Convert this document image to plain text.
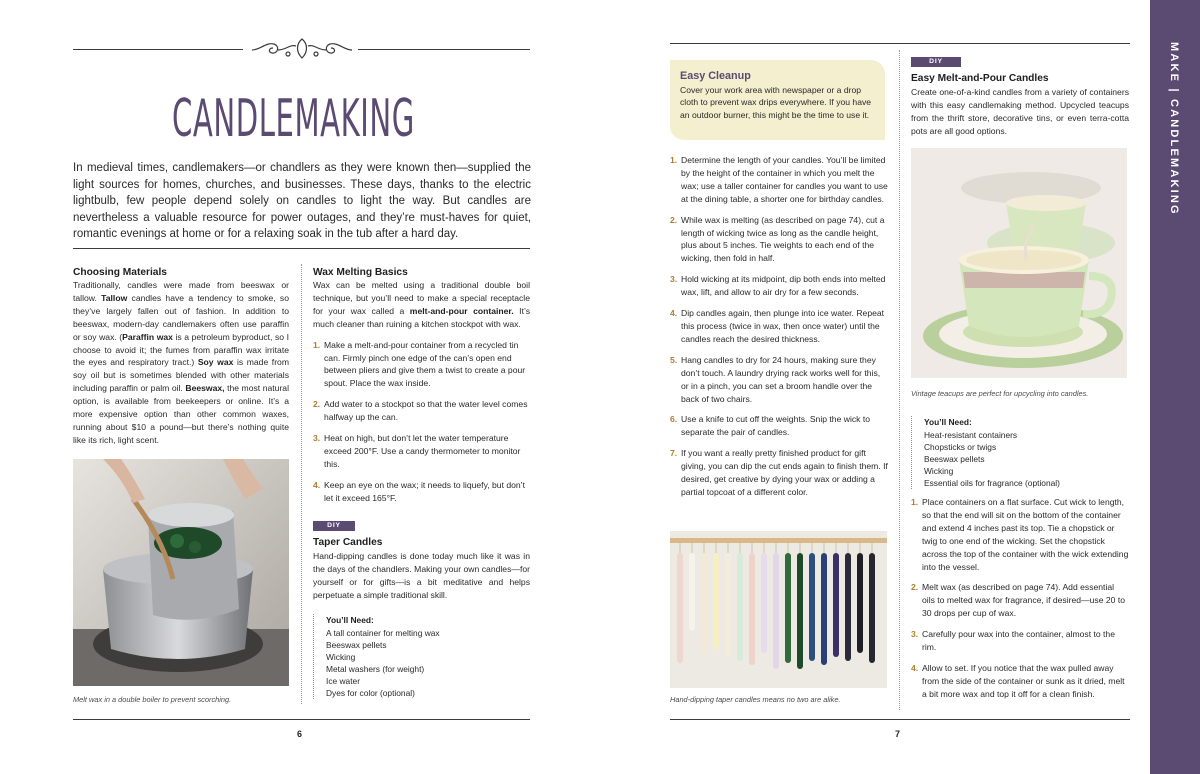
CANDLEMAKING

In medieval times, candlemakers—or chandlers as they were known then—supplied the light sources for homes, churches, and businesses. These days, thanks to the electric lightbulb, few people depend solely on candles to light the way. But candles are nevertheless a valuable resource for power outages, and they’re must-haves for quiet, romantic evenings at home or for a relaxing soak in the tub after a hard day.

Choosing Materials

Traditionally, candles were made from beeswax or tallow. Tallow candles have a tendency to smoke, so they’ve largely fallen out of fashion. In addition to beeswax, modern-day candlemakers often use paraffin or soy wax. (Paraffin wax is a petroleum byproduct, so I choose to avoid it; the fumes from paraffin wax irritate the eyes and respiratory tract.) Soy wax is made from soy oil but is sometimes blended with other materials including paraffin or palm oil. Beeswax, the most natural option, is available from beekeepers or online. It’s a more expensive option than other common waxes, running about $10 a pound—but there’s nothing quite like its rich, light scent.

Melt wax in a double boiler to prevent scorching.
Wax Melting Basics

Wax can be melted using a traditional double boil technique, but you’ll need to make a special receptacle for your wax called a melt-and-pour container. It’s much cleaner than ruining a kitchen stockpot with wax.

1. Make a melt-and-pour container from a recycled tin can. Firmly pinch one edge of the can’s open end between pliers and give them a twist to create a pour spout. Place the wax inside.
2. Add water to a stockpot so that the water level comes halfway up the can.
3. Heat on high, but don’t let the water temperature exceed 200°F. Use a candy thermometer to monitor this.
4. Keep an eye on the wax; it needs to liquefy, but don’t let it exceed 165°F.
DIY
Taper Candles

Hand-dipping candles is done today much like it was in the days of the chandlers. Making your own candles—for yourself or for gifts—is a bit meditative and helps perpetuate a simple traditional skill.

You’ll Need:
A tall container for melting wax
Beeswax pellets
Wicking
Metal washers (for weight)
Ice water
Dyes for color (optional)
6
Easy Cleanup

Cover your work area with newspaper or a drop cloth to prevent wax drips everywhere. If you have an outdoor burner, this might be the time to use it.

1. Determine the length of your candles. You’ll be limited by the height of the container in which you melt the wax; use a taller container for candles you want to use at the dining table, a shorter one for birthday candles.
2. While wax is melting (as described on page 74), cut a length of wicking twice as long as the candle height, plus about 5 inches. Tie weights to each end of the wicking, then fold in half.
3. Hold wicking at its midpoint, dip both ends into melted wax, lift, and allow to air dry for a few seconds.
4. Dip candles again, then plunge into ice water. Repeat this process (twice in wax, then once water) until the candles reach the desired thickness.
5. Hang candles to dry for 24 hours, making sure they don’t touch. A laundry drying rack works well for this, or in a pinch, you can set a broom handle over the back of two chairs.
6. Use a knife to cut off the weights. Snip the wick to separate the pair of candles.
7. If you want a really pretty finished product for gift giving, you can dip the cut ends again to finish them. If desired, get creative by dying your wax or adding a partial topcoat of a different color.
Hand-dipping taper candles means no two are alike.
DIY
Easy Melt-and-Pour Candles

Create one-of-a-kind candles from a variety of containers with this easy candlemaking method. Upcycled teacups from the thrift store, decorative tins, or even terra-cotta pots are all good options.

Vintage teacups are perfect for upcycling into candles.
You’ll Need:
Heat-resistant containers
Chopsticks or twigs
Beeswax pellets
Wicking
Essential oils for fragrance (optional)
1. Place containers on a flat surface. Cut wick to length, so that the end will sit on the bottom of the container and extend 4 inches past its top. Tie a chopstick or twig to one end of the wicking. Set the chopstick across the top of the container with the wick extending into the vessel.
2. Melt wax (as described on page 74). Add essential oils to melted wax for fragrance, if desired—use 20 to 30 drops per cup of wax.
3. Carefully pour wax into the container, almost to the rim.
4. Allow to set. If you notice that the wax pulled away from the side of the container or sunk as it dried, melt a bit more wax and top it off for a clean finish.
7
MAKE | CANDLEMAKING
